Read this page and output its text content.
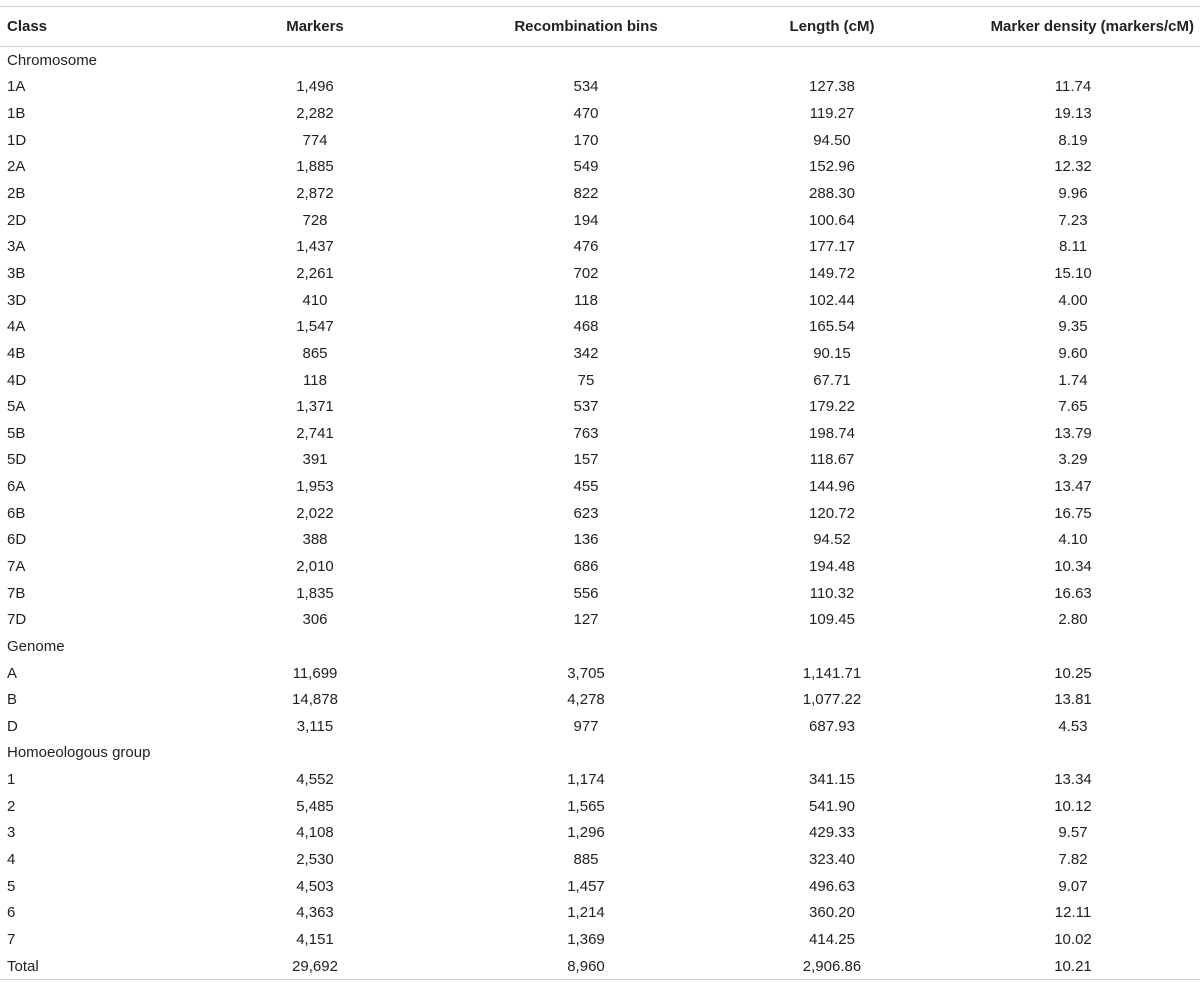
Class	Markers	Recombination bins	Length (cM)	Marker density (markers/cM)
Chromosome				
1A	1,496	534	127.38	11.74
1B	2,282	470	119.27	19.13
1D	774	170	94.50	8.19
2A	1,885	549	152.96	12.32
2B	2,872	822	288.30	9.96
2D	728	194	100.64	7.23
3A	1,437	476	177.17	8.11
3B	2,261	702	149.72	15.10
3D	410	118	102.44	4.00
4A	1,547	468	165.54	9.35
4B	865	342	90.15	9.60
4D	118	75	67.71	1.74
5A	1,371	537	179.22	7.65
5B	2,741	763	198.74	13.79
5D	391	157	118.67	3.29
6A	1,953	455	144.96	13.47
6B	2,022	623	120.72	16.75
6D	388	136	94.52	4.10
7A	2,010	686	194.48	10.34
7B	1,835	556	110.32	16.63
7D	306	127	109.45	2.80
Genome				
A	11,699	3,705	1,141.71	10.25
B	14,878	4,278	1,077.22	13.81
D	3,115	977	687.93	4.53
Homoeologous group				
1	4,552	1,174	341.15	13.34
2	5,485	1,565	541.90	10.12
3	4,108	1,296	429.33	9.57
4	2,530	885	323.40	7.82
5	4,503	1,457	496.63	9.07
6	4,363	1,214	360.20	12.11
7	4,151	1,369	414.25	10.02
Total	29,692	8,960	2,906.86	10.21
